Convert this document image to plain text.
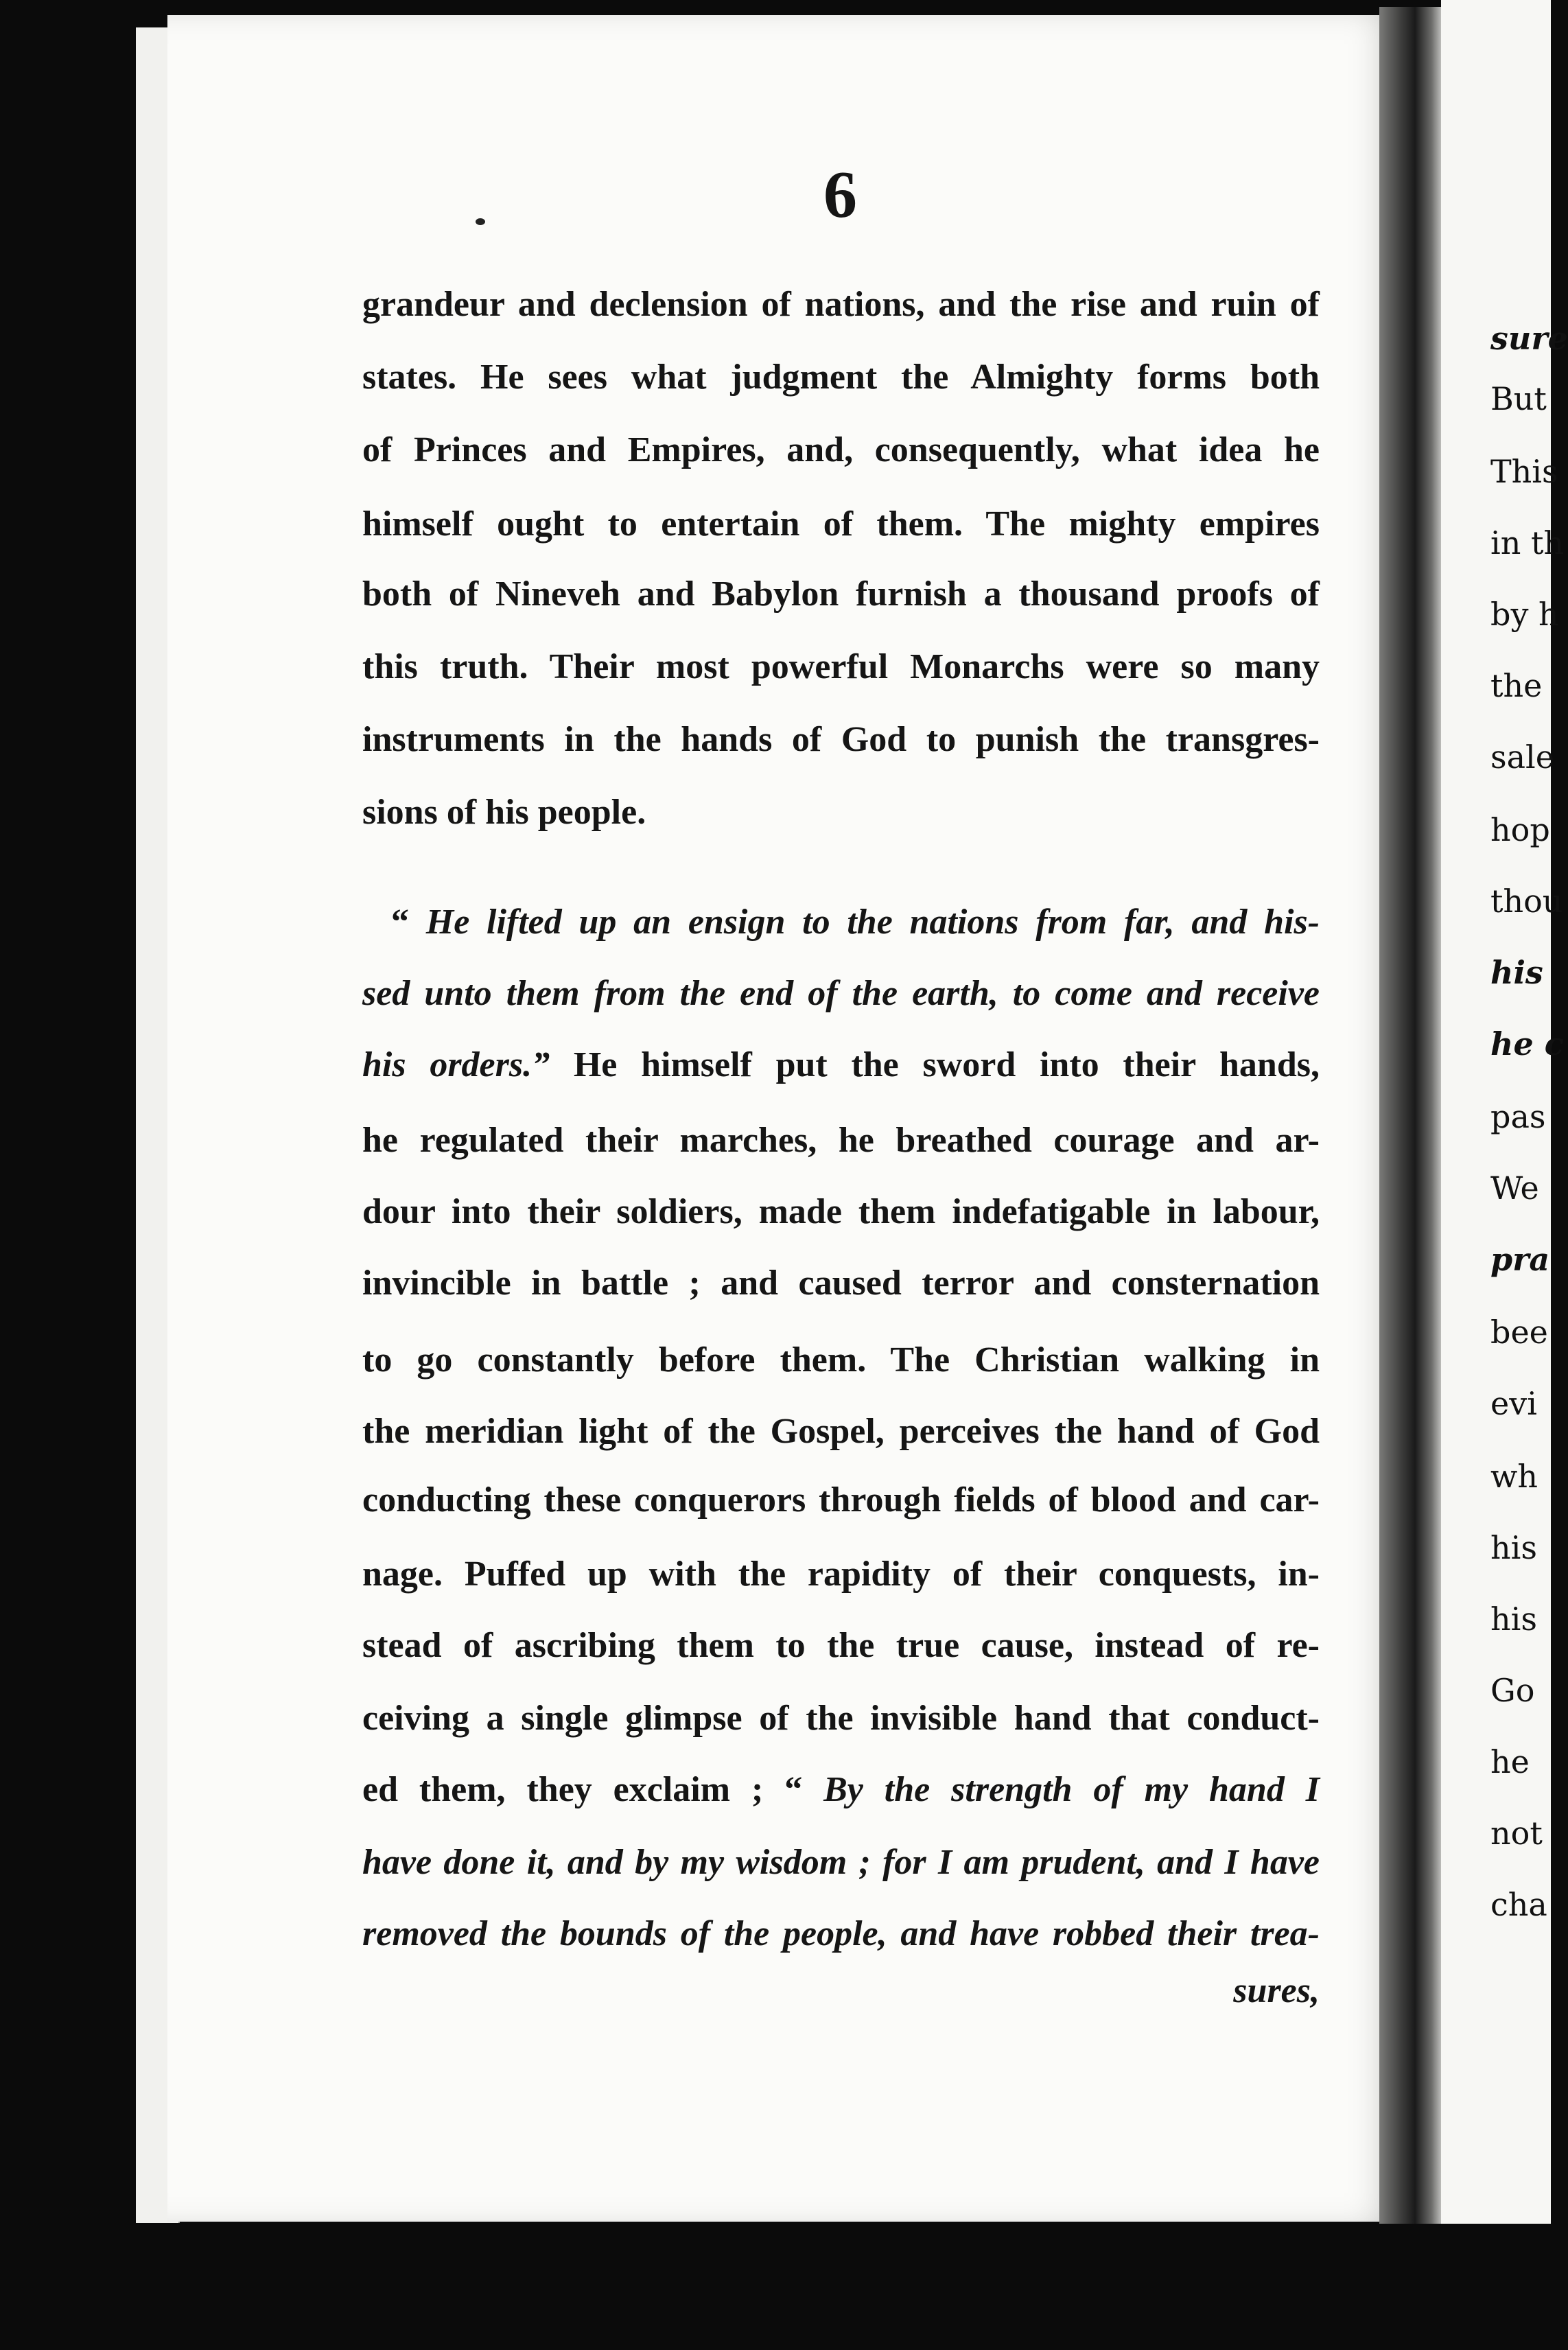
sure
But
This
in th
by h
the
sale
hop
thou
his
he c
pas
We
pra
bee
evi
wh
his
his
Go
he
not
cha
6
grandeur and declension of nations, and the rise and ruin of
states. He sees what judgment the Almighty forms both
of Princes and Empires, and, consequently, what idea he
himself ought to entertain of them. The mighty empires
both of Nineveh and Babylon furnish a thousand proofs of
this truth. Their most powerful Monarchs were so many
instruments in the hands of God to punish the transgres-
sions of his people.
“ He lifted up an ensign to the nations from far, and his-
sed unto them from the end of the earth, to come and receive
his orders.” He himself put the sword into their hands,
he regulated their marches, he breathed courage and ar-
dour into their soldiers, made them indefatigable in labour,
invincible in battle ; and caused terror and consternation
to go constantly before them. The Christian walking in
the meridian light of the Gospel, perceives the hand of God
conducting these conquerors through fields of blood and car-
nage. Puffed up with the rapidity of their conquests, in-
stead of ascribing them to the true cause, instead of re-
ceiving a single glimpse of the invisible hand that conduct-
ed them, they exclaim ; “ By the strength of my hand I
have done it, and by my wisdom ; for I am prudent, and I have
removed the bounds of the people, and have robbed their trea-
sures,
